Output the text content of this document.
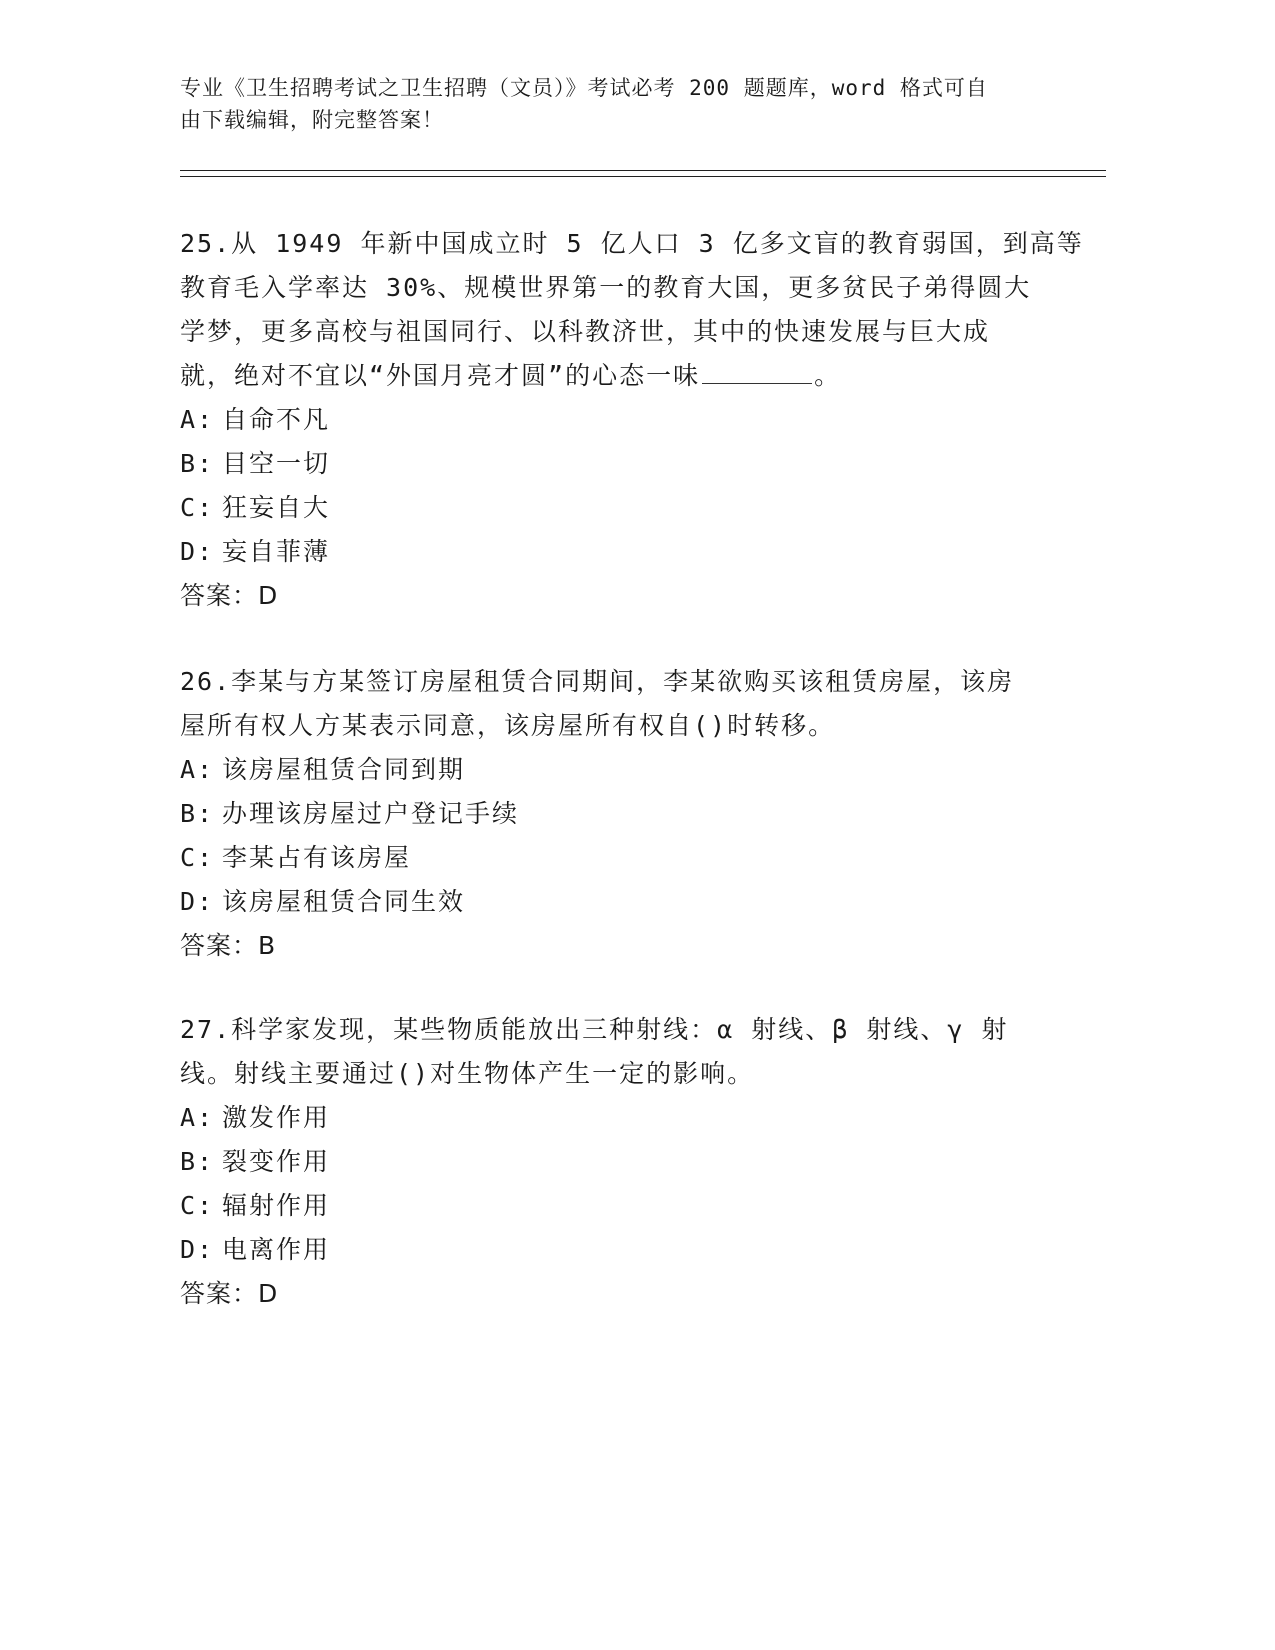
专业《卫生招聘考试之卫生招聘（文员）》考试必考 200 题题库，word 格式可自
由下载编辑，附完整答案！
25.从 1949 年新中国成立时 5 亿人口 3 亿多文盲的教育弱国，到高等
教育毛入学率达 30%、规模世界第一的教育大国，更多贫民子弟得圆大
学梦，更多高校与祖国同行、以科教济世，其中的快速发展与巨大成
就，绝对不宜以“外国月亮才圆”的心态一味	。
A: 自命不凡
B: 目空一切
C: 狂妄自大
D: 妄自菲薄
答案：D
26.李某与方某签订房屋租赁合同期间，李某欲购买该租赁房屋，该房
屋所有权人方某表示同意，该房屋所有权自()时转移。
A: 该房屋租赁合同到期
B: 办理该房屋过户登记手续
C: 李某占有该房屋
D: 该房屋租赁合同生效
答案：B
27.科学家发现，某些物质能放出三种射线：α 射线、β 射线、γ 射
线。射线主要通过()对生物体产生一定的影响。
A: 激发作用
B: 裂变作用
C: 辐射作用
D: 电离作用
答案：D
